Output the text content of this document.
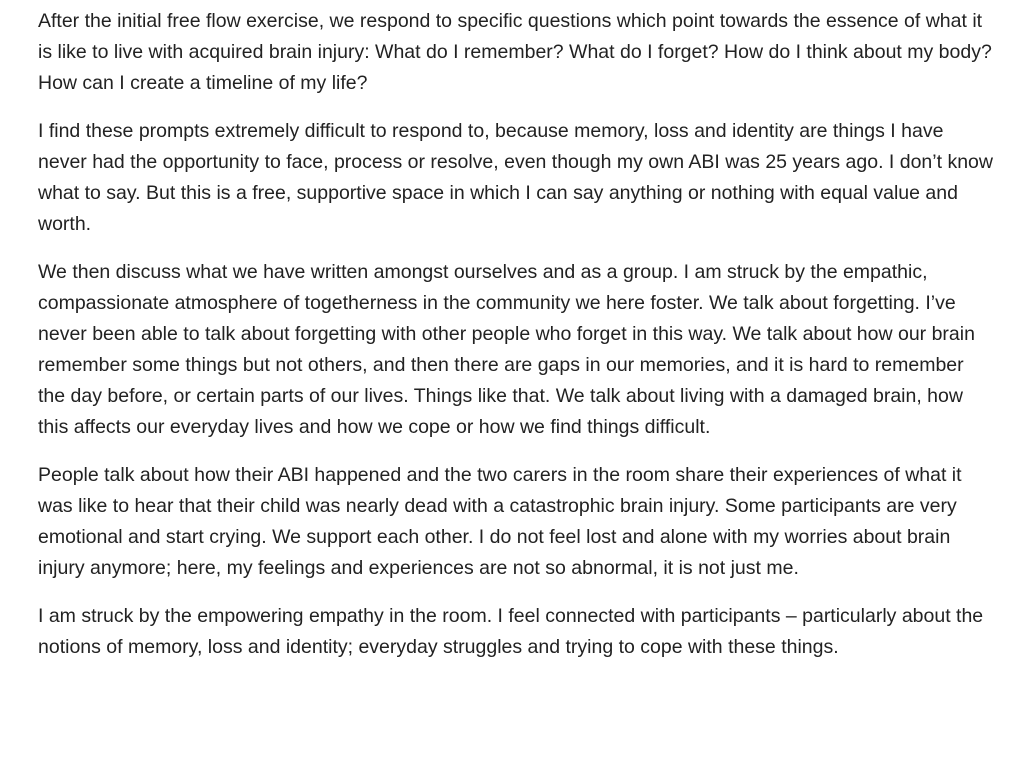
After the initial free flow exercise, we respond to specific questions which point towards the essence of what it is like to live with acquired brain injury: What do I remember? What do I forget? How do I think about my body? How can I create a timeline of my life?

I find these prompts extremely difficult to respond to, because memory, loss and identity are things I have never had the opportunity to face, process or resolve, even though my own ABI was 25 years ago. I don’t know what to say. But this is a free, supportive space in which I can say anything or nothing with equal value and worth.

We then discuss what we have written amongst ourselves and as a group. I am struck by the empathic, compassionate atmosphere of togetherness in the community we here foster. We talk about forgetting. I’ve never been able to talk about forgetting with other people who forget in this way. We talk about how our brain remember some things but not others, and then there are gaps in our memories, and it is hard to remember the day before, or certain parts of our lives. Things like that. We talk about living with a damaged brain, how this affects our everyday lives and how we cope or how we find things difficult.

People talk about how their ABI happened and the two carers in the room share their experiences of what it was like to hear that their child was nearly dead with a catastrophic brain injury. Some participants are very emotional and start crying. We support each other. I do not feel lost and alone with my worries about brain injury anymore; here, my feelings and experiences are not so abnormal, it is not just me.

I am struck by the empowering empathy in the room. I feel connected with participants – particularly about the notions of memory, loss and identity; everyday struggles and trying to cope with these things.
